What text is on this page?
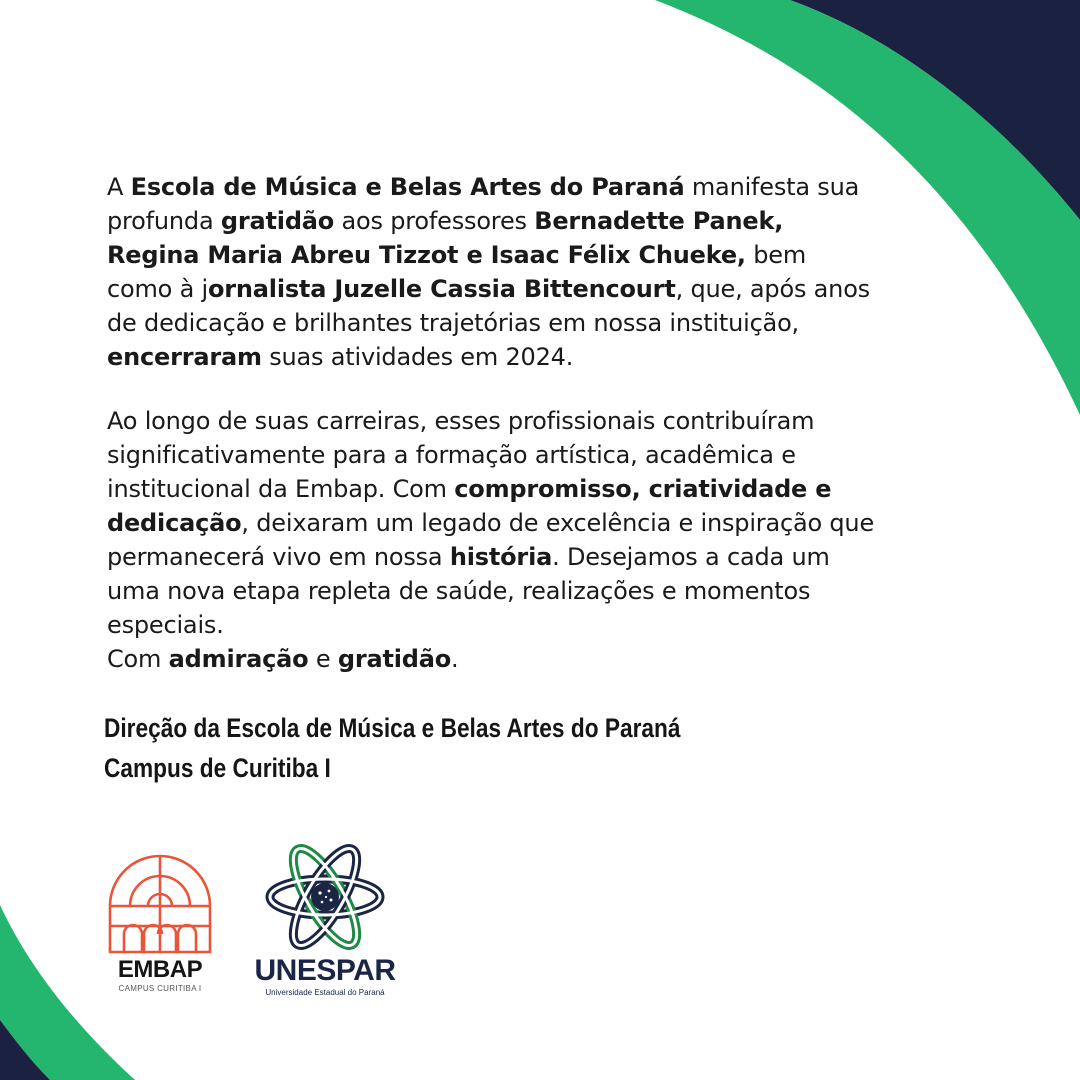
A Escola de Música e Belas Artes do Paraná manifesta sua profunda gratidão aos professores Bernadette Panek, Regina Maria Abreu Tizzot e Isaac Félix Chueke, bem como à jornalista Juzelle Cassia Bittencourt, que, após anos de dedicação e brilhantes trajetórias em nossa instituição, encerraram suas atividades em 2024.

Ao longo de suas carreiras, esses profissionais contribuíram significativamente para a formação artística, acadêmica e institucional da Embap. Com compromisso, criatividade e dedicação, deixaram um legado de excelência e inspiração que permanecerá vivo em nossa história. Desejamos a cada um uma nova etapa repleta de saúde, realizações e momentos especiais.
Com admiração e gratidão.

Direção da Escola de Música e Belas Artes do Paraná
Campus de Curitiba I
EMBAP
CAMPUS CURITIBA I
UNESPAR
Universidade Estadual do Paraná
